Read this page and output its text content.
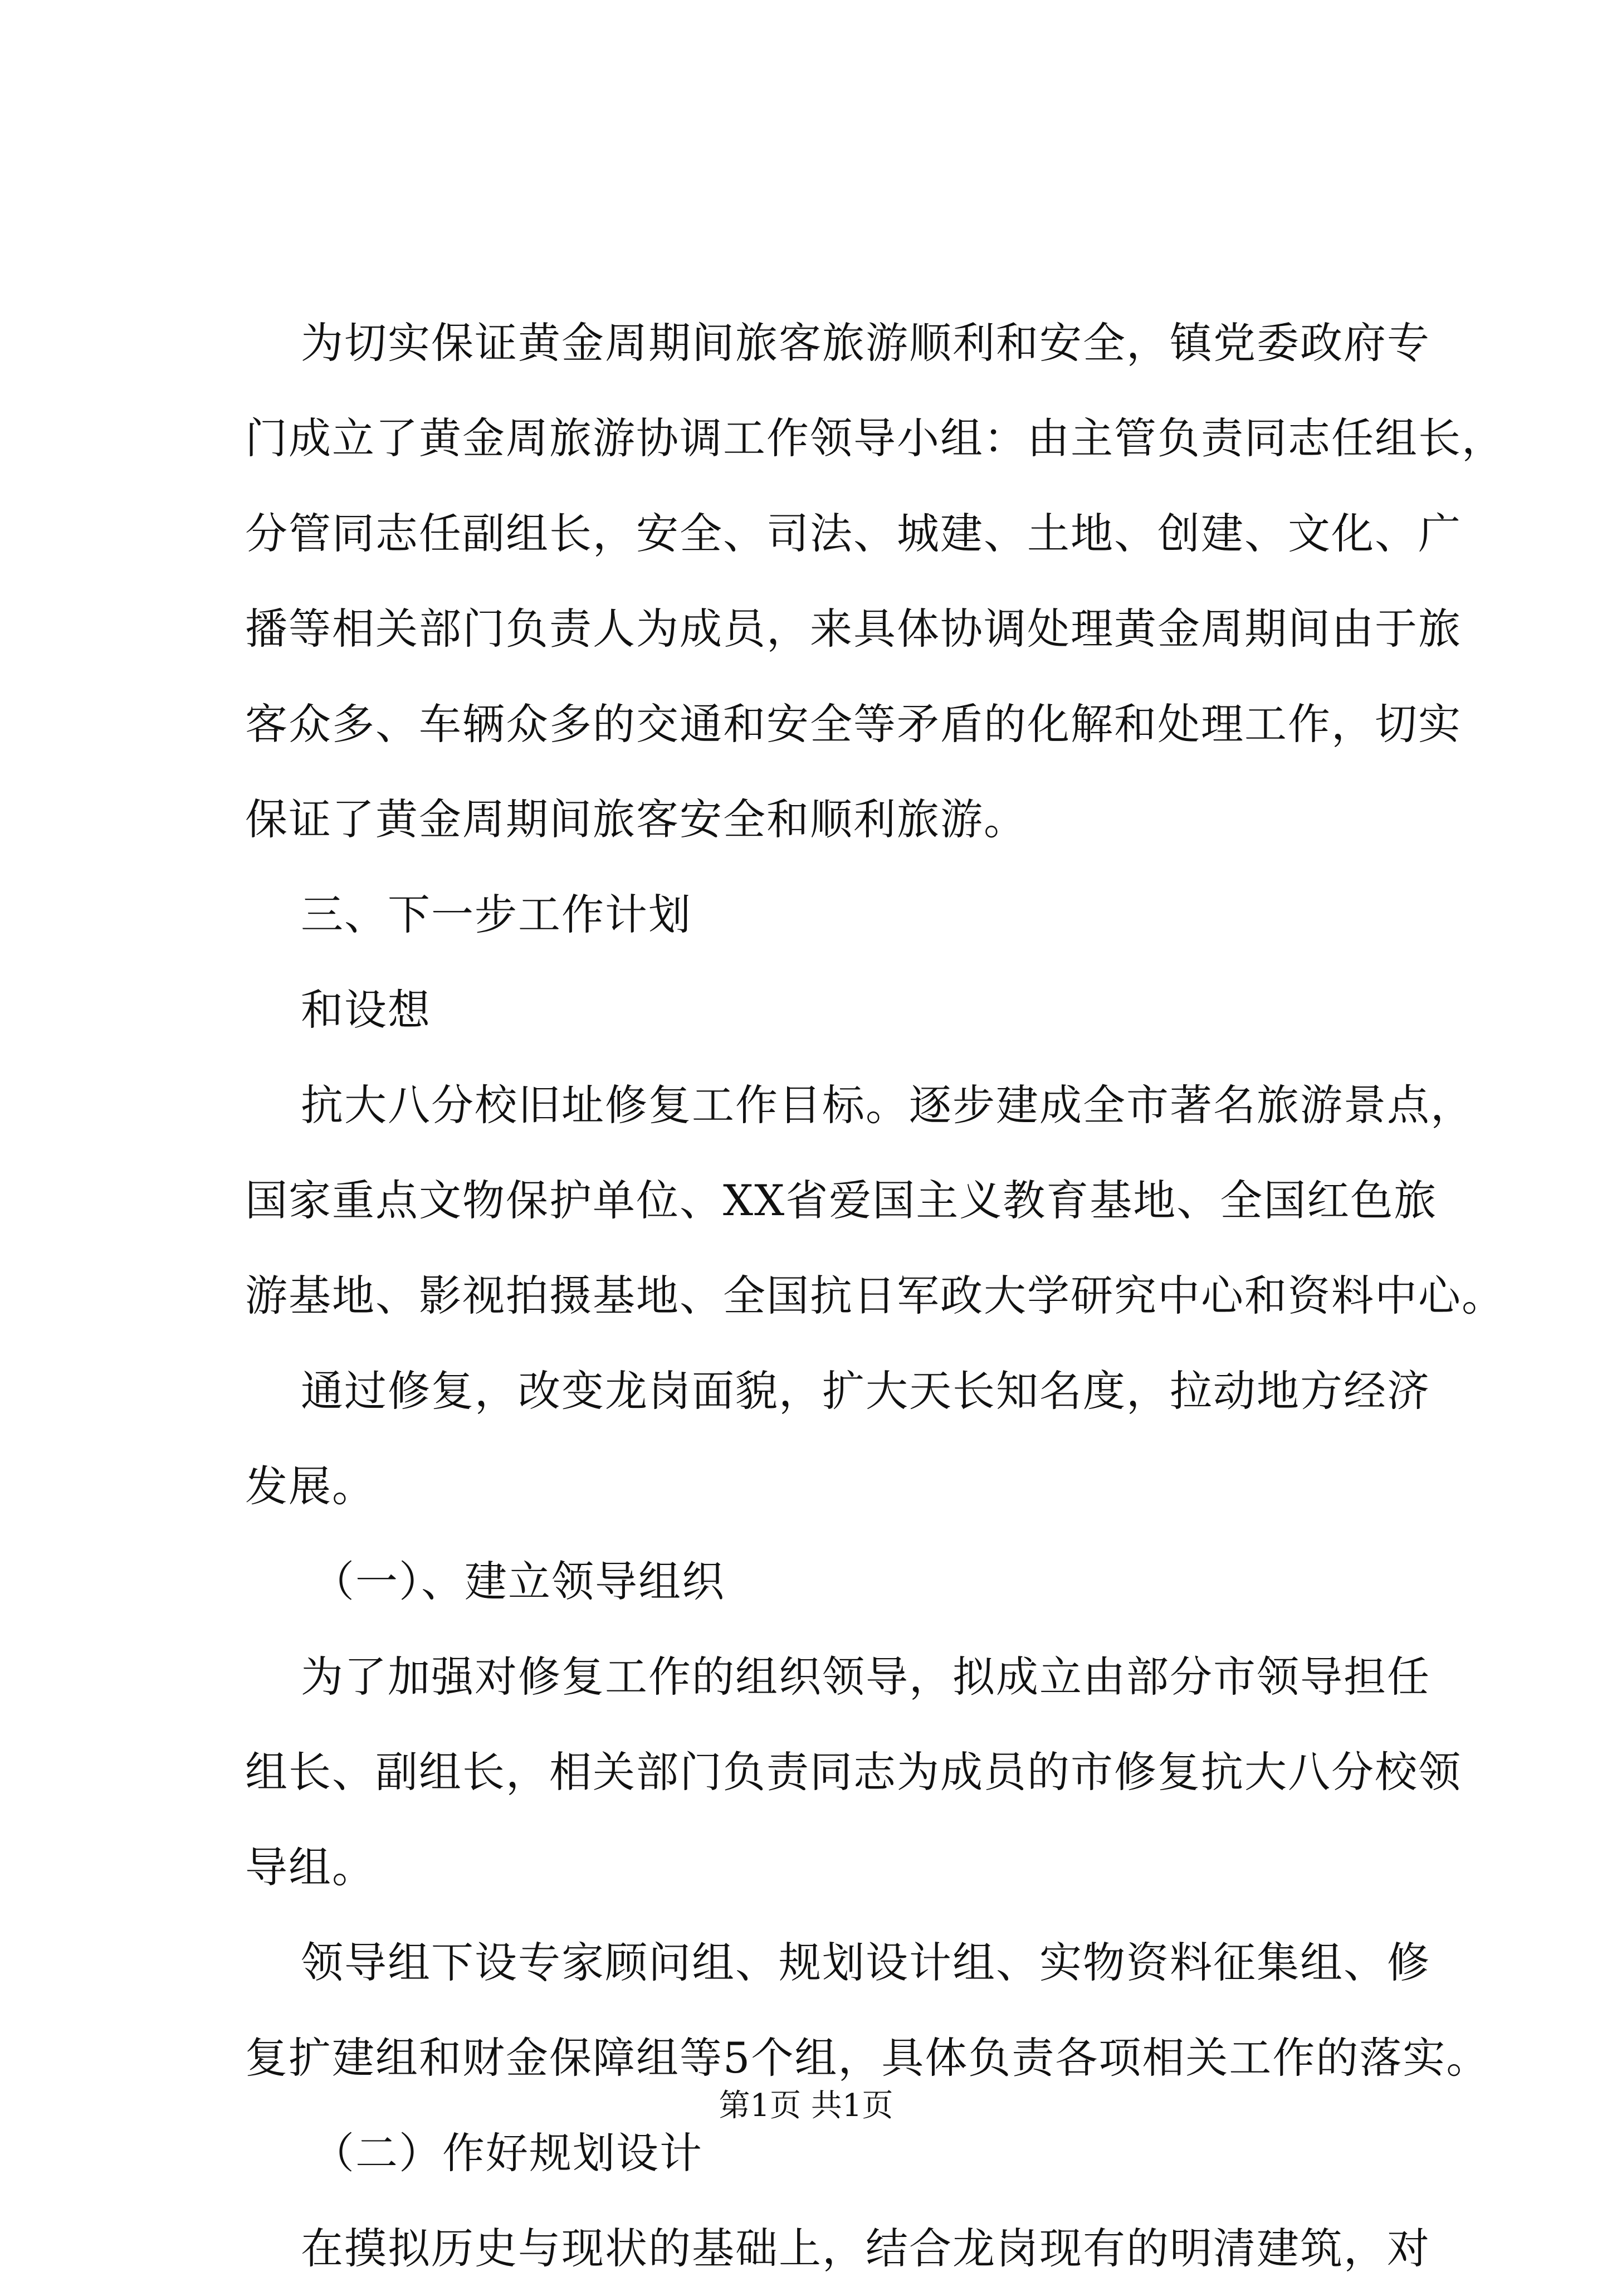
为切实保证黄金周期间旅客旅游顺利和安全，镇党委政府专
门成立了黄金周旅游协调工作领导小组：由主管负责同志任组长，
分管同志任副组长，安全、司法、城建、土地、创建、文化、广
播等相关部门负责人为成员，来具体协调处理黄金周期间由于旅
客众多、车辆众多的交通和安全等矛盾的化解和处理工作，切实
保证了黄金周期间旅客安全和顺利旅游。
三、下一步工作计划
和设想
抗大八分校旧址修复工作目标。逐步建成全市著名旅游景点，
国家重点文物保护单位、XX省爱国主义教育基地、全国红色旅
游基地、影视拍摄基地、全国抗日军政大学研究中心和资料中心。
通过修复，改变龙岗面貌，扩大天长知名度，拉动地方经济
发展。
（一）、建立领导组织
为了加强对修复工作的组织领导，拟成立由部分市领导担任
组长、副组长，相关部门负责同志为成员的市修复抗大八分校领
导组。
领导组下设专家顾问组、规划设计组、实物资料征集组、修
复扩建组和财金保障组等5个组，具体负责各项相关工作的落实。
（二）作好规划设计
在摸拟历史与现状的基础上，结合龙岗现有的明清建筑，对
第1页 共1页
